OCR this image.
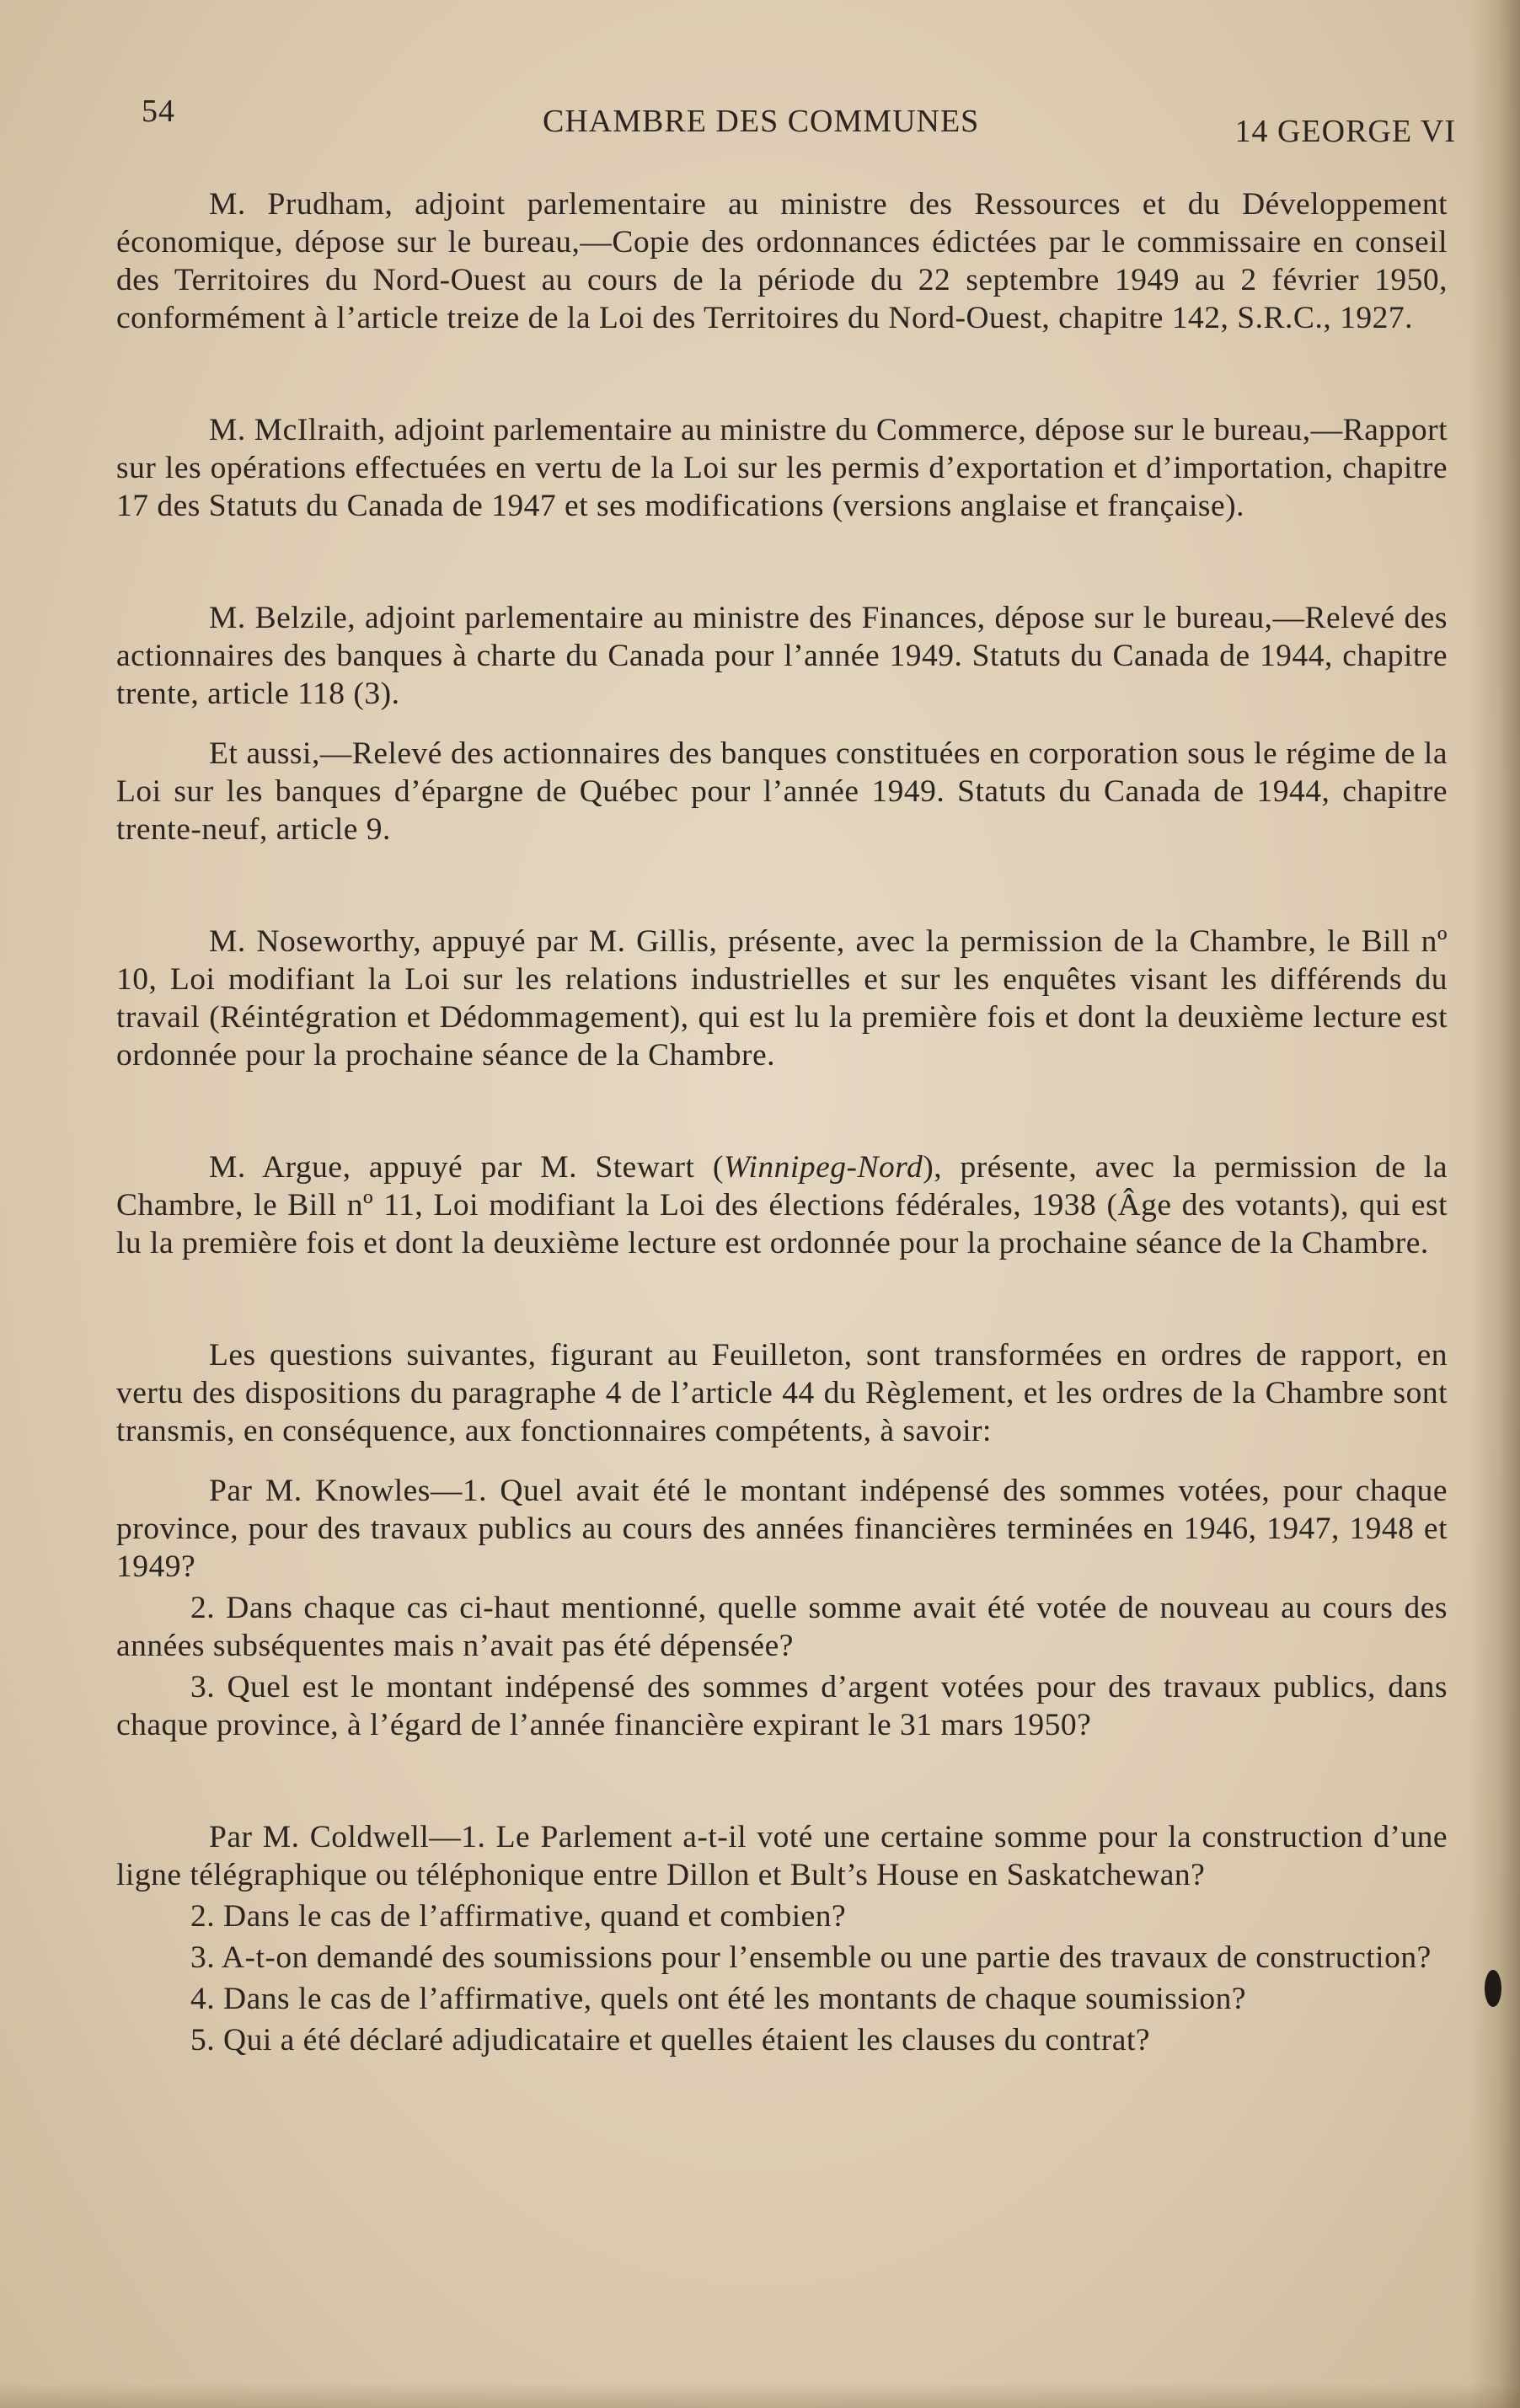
54	CHAMBRE DES COMMUNES	14 GEORGE VI

M. Prudham, adjoint parlementaire au ministre des Ressources et du Développement économique, dépose sur le bureau,—Copie des ordonnances édictées par le commissaire en conseil des Territoires du Nord-Ouest au cours de la période du 22 septembre 1949 au 2 février 1950, conformément à l’article treize de la Loi des Territoires du Nord-Ouest, chapitre 142, S.R.C., 1927.

M. McIlraith, adjoint parlementaire au ministre du Commerce, dépose sur le bureau,—Rapport sur les opérations effectuées en vertu de la Loi sur les permis d’exportation et d’importation, chapitre 17 des Statuts du Canada de 1947 et ses modifications (versions anglaise et française).

M. Belzile, adjoint parlementaire au ministre des Finances, dépose sur le bureau,—Relevé des actionnaires des banques à charte du Canada pour l’année 1949. Statuts du Canada de 1944, chapitre trente, article 118 (3).

Et aussi,—Relevé des actionnaires des banques constituées en corporation sous le régime de la Loi sur les banques d’épargne de Québec pour l’année 1949. Statuts du Canada de 1944, chapitre trente-neuf, article 9.

M. Noseworthy, appuyé par M. Gillis, présente, avec la permission de la Chambre, le Bill nº 10, Loi modifiant la Loi sur les relations industrielles et sur les enquêtes visant les différends du travail (Réintégration et Dédommagement), qui est lu la première fois et dont la deuxième lecture est ordonnée pour la prochaine séance de la Chambre.

M. Argue, appuyé par M. Stewart (Winnipeg-Nord), présente, avec la permission de la Chambre, le Bill nº 11, Loi modifiant la Loi des élections fédérales, 1938 (Âge des votants), qui est lu la première fois et dont la deuxième lecture est ordonnée pour la prochaine séance de la Chambre.

Les questions suivantes, figurant au Feuilleton, sont transformées en ordres de rapport, en vertu des dispositions du paragraphe 4 de l’article 44 du Règlement, et les ordres de la Chambre sont transmis, en conséquence, aux fonctionnaires compétents, à savoir:

Par M. Knowles—1. Quel avait été le montant indépensé des sommes votées, pour chaque province, pour des travaux publics au cours des années financières terminées en 1946, 1947, 1948 et 1949?

2. Dans chaque cas ci-haut mentionné, quelle somme avait été votée de nouveau au cours des années subséquentes mais n’avait pas été dépensée?

3. Quel est le montant indépensé des sommes d’argent votées pour des travaux publics, dans chaque province, à l’égard de l’année financière expirant le 31 mars 1950?

Par M. Coldwell—1. Le Parlement a-t-il voté une certaine somme pour la construction d’une ligne télégraphique ou téléphonique entre Dillon et Bult’s House en Saskatchewan?

2. Dans le cas de l’affirmative, quand et combien?

3. A-t-on demandé des soumissions pour l’ensemble ou une partie des travaux de construction?

4. Dans le cas de l’affirmative, quels ont été les montants de chaque soumission?

5. Qui a été déclaré adjudicataire et quelles étaient les clauses du contrat?
